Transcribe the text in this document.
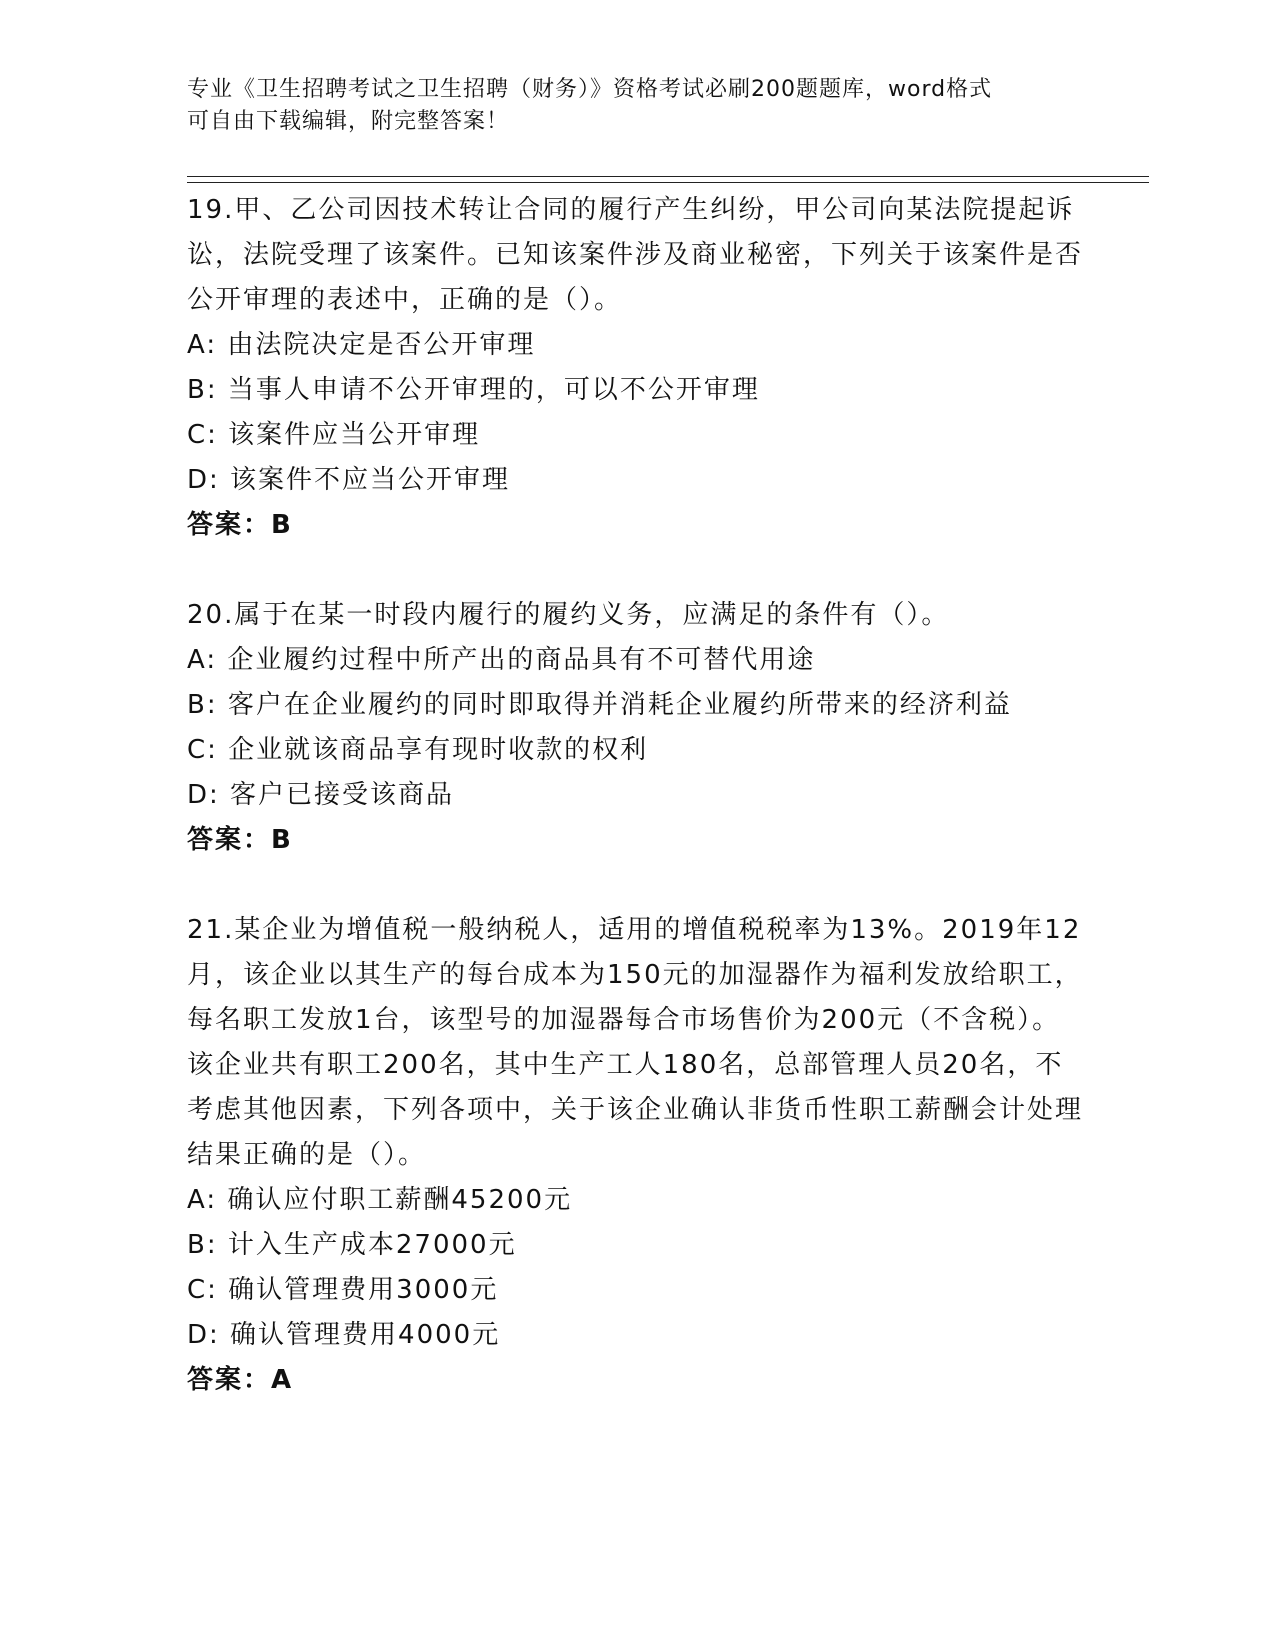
专业《卫生招聘考试之卫生招聘（财务）》资格考试必刷200题题库，word格式
可自由下载编辑，附完整答案！

19.甲、乙公司因技术转让合同的履行产生纠纷，甲公司向某法院提起诉讼，法院受理了该案件。已知该案件涉及商业秘密，下列关于该案件是否公开审理的表述中，正确的是（）。

A: 由法院决定是否公开审理
B: 当事人申请不公开审理的，可以不公开审理
C: 该案件应当公开审理
D: 该案件不应当公开审理
答案：B

20.属于在某一时段内履行的履约义务，应满足的条件有（）。

A: 企业履约过程中所产出的商品具有不可替代用途
B: 客户在企业履约的同时即取得并消耗企业履约所带来的经济利益
C: 企业就该商品享有现时收款的权利
D: 客户已接受该商品
答案：B

21.某企业为增值税一般纳税人，适用的增值税税率为13%。2019年12月，该企业以其生产的每台成本为150元的加湿器作为福利发放给职工，每名职工发放1台，该型号的加湿器每合市场售价为200元（不含税）。该企业共有职工200名，其中生产工人180名，总部管理人员20名，不考虑其他因素，下列各项中，关于该企业确认非货币性职工薪酬会计处理结果正确的是（）。

A: 确认应付职工薪酬45200元
B: 计入生产成本27000元
C: 确认管理费用3000元
D: 确认管理费用4000元
答案：A
